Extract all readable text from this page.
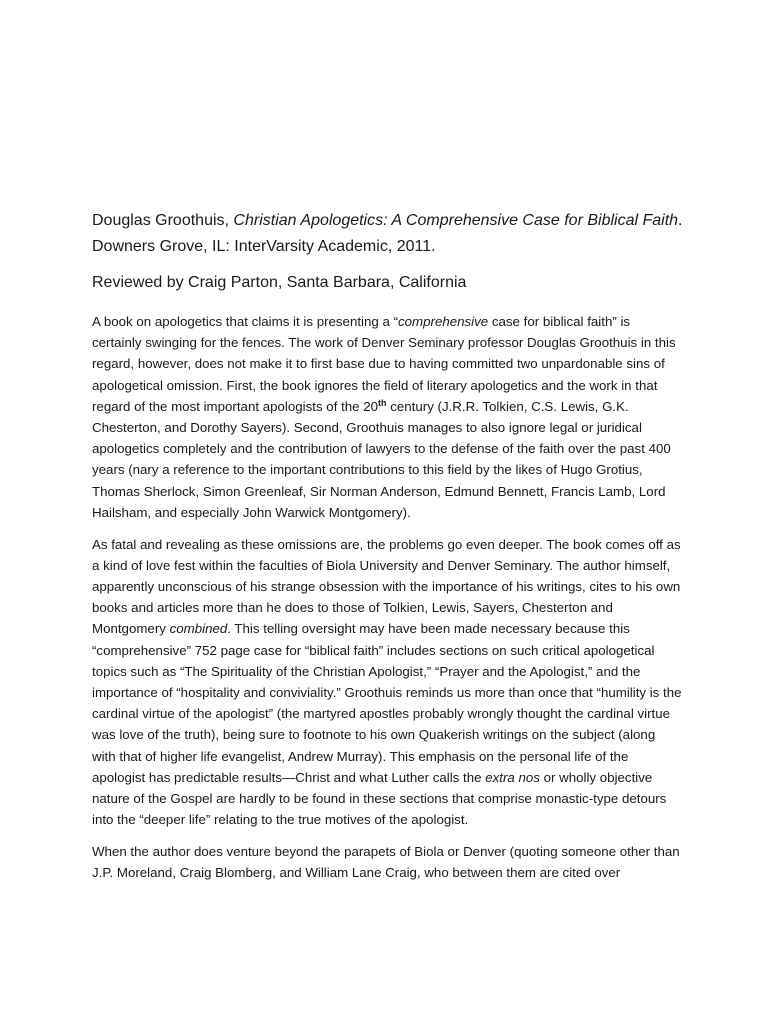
Douglas Groothuis, Christian Apologetics: A Comprehensive Case for Biblical Faith.
Downers Grove, IL: InterVarsity Academic, 2011.
Reviewed by Craig Parton, Santa Barbara, California

A book on apologetics that claims it is presenting a “comprehensive case for biblical faith” is certainly swinging for the fences. The work of Denver Seminary professor Douglas Groothuis in this regard, however, does not make it to first base due to having committed two unpardonable sins of apologetical omission. First, the book ignores the field of literary apologetics and the work in that regard of the most important apologists of the 20th century (J.R.R. Tolkien, C.S. Lewis, G.K. Chesterton, and Dorothy Sayers). Second, Groothuis manages to also ignore legal or juridical apologetics completely and the contribution of lawyers to the defense of the faith over the past 400 years (nary a reference to the important contributions to this field by the likes of Hugo Grotius, Thomas Sherlock, Simon Greenleaf, Sir Norman Anderson, Edmund Bennett, Francis Lamb, Lord Hailsham, and especially John Warwick Montgomery).

As fatal and revealing as these omissions are, the problems go even deeper. The book comes off as a kind of love fest within the faculties of Biola University and Denver Seminary. The author himself, apparently unconscious of his strange obsession with the importance of his writings, cites to his own books and articles more than he does to those of Tolkien, Lewis, Sayers, Chesterton and Montgomery combined. This telling oversight may have been made necessary because this “comprehensive” 752 page case for “biblical faith” includes sections on such critical apologetical topics such as “The Spirituality of the Christian Apologist,” “Prayer and the Apologist,” and the importance of “hospitality and conviviality.” Groothuis reminds us more than once that “humility is the cardinal virtue of the apologist” (the martyred apostles probably wrongly thought the cardinal virtue was love of the truth), being sure to footnote to his own Quakerish writings on the subject (along with that of higher life evangelist, Andrew Murray). This emphasis on the personal life of the apologist has predictable results—Christ and what Luther calls the extra nos or wholly objective nature of the Gospel are hardly to be found in these sections that comprise monastic-type detours into the “deeper life” relating to the true motives of the apologist.

When the author does venture beyond the parapets of Biola or Denver (quoting someone other than J.P. Moreland, Craig Blomberg, and William Lane Craig, who between them are cited over
